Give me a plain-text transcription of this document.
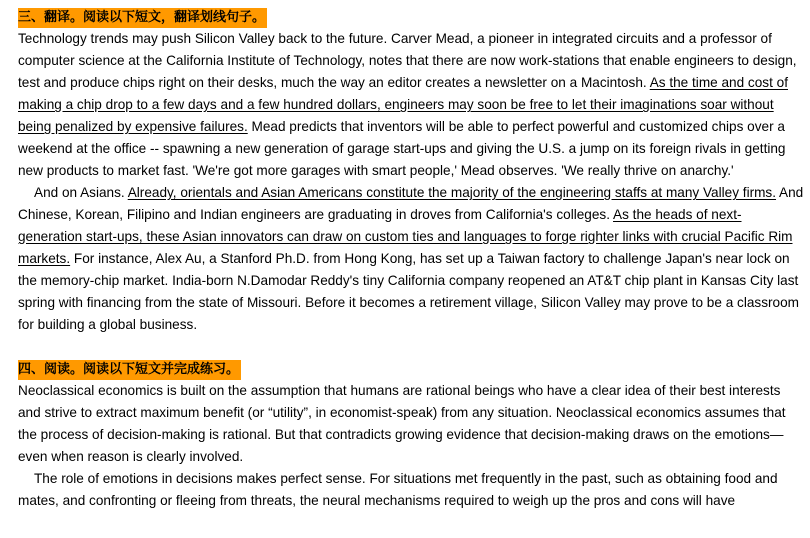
三、翻译。阅读以下短文，翻译划线句子。

Technology trends may push Silicon Valley back to the future. Carver Mead, a pioneer in integrated circuits and a professor of computer science at the California Institute of Technology, notes that there are now work-stations that enable engineers to design, test and produce chips right on their desks, much the way an editor creates a newsletter on a Macintosh. As the time and cost of making a chip drop to a few days and a few hundred dollars, engineers may soon be free to let their imaginations soar without being penalized by expensive failures. Mead predicts that inventors will be able to perfect powerful and customized chips over a weekend at the office -- spawning a new generation of garage start-ups and giving the U.S. a jump on its foreign rivals in getting new products to market fast. 'We're got more garages with smart people,' Mead observes. 'We really thrive on anarchy.'

And on Asians. Already, orientals and Asian Americans constitute the majority of the engineering staffs at many Valley firms. And Chinese, Korean, Filipino and Indian engineers are graduating in droves from California's colleges. As the heads of next-generation start-ups, these Asian innovators can draw on custom ties and languages to forge righter links with crucial Pacific Rim markets. For instance, Alex Au, a Stanford Ph.D. from Hong Kong, has set up a Taiwan factory to challenge Japan's near lock on the memory-chip market. India-born N.Damodar Reddy's tiny California company reopened an AT&T chip plant in Kansas City last spring with financing from the state of Missouri. Before it becomes a retirement village, Silicon Valley may prove to be a classroom for building a global business.

四、阅读。阅读以下短文并完成练习。

Neoclassical economics is built on the assumption that humans are rational beings who have a clear idea of their best interests and strive to extract maximum benefit (or “utility”, in economist-speak) from any situation. Neoclassical economics assumes that the process of decision-making is rational. But that contradicts growing evidence that decision-making draws on the emotions—even when reason is clearly involved.

The role of emotions in decisions makes perfect sense. For situations met frequently in the past, such as obtaining food and mates, and confronting or fleeing from threats, the neural mechanisms required to weigh up the pros and cons will have
